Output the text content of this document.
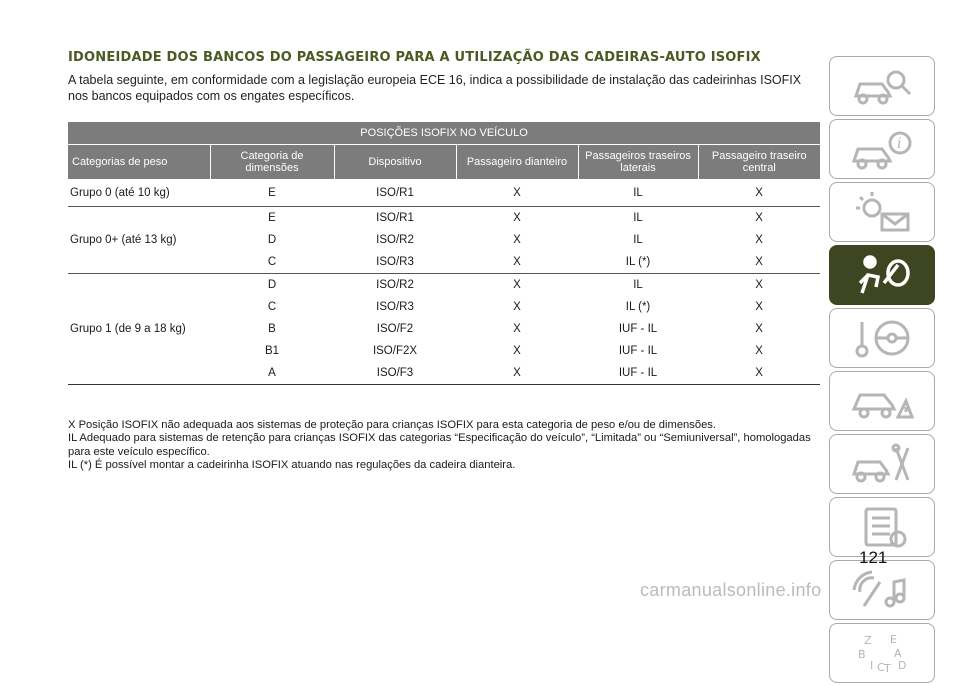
IDONEIDADE DOS BANCOS DO PASSAGEIRO PARA A UTILIZAÇÃO DAS CADEIRAS-AUTO ISOFIX
A tabela seguinte, em conformidade com a legislação europeia ECE 16, indica a possibilidade de instalação das cadeirinhas ISOFIX nos bancos equipados com os engates específicos.
POSIÇÕES ISOFIX NO VEÍCULO					
Categorias de peso	Categoria de dimensões	Dispositivo	Passageiro dianteiro	Passageiros traseiros laterais	Passageiro traseiro central
Grupo 0 (até 10 kg)	E	ISO/R1	X	IL	X
Grupo 0+ (até 13 kg)	E	ISO/R1	X	IL	X
	D	ISO/R2	X	IL	X
	C	ISO/R3	X	IL (*)	X
Grupo 1 (de 9 a 18 kg)	D	ISO/R2	X	IL	X
	C	ISO/R3	X	IL (*)	X
	B	ISO/F2	X	IUF - IL	X
	B1	ISO/F2X	X	IUF - IL	X
	A	ISO/F3	X	IUF - IL	X

X Posição ISOFIX não adequada aos sistemas de proteção para crianças ISOFIX para esta categoria de peso e/ou de dimensões.

IL Adequado para sistemas de retenção para crianças ISOFIX das categorias “Especificação do veículo”, “Limitada” ou “Semiuniversal”, homologadas para este veículo específico.

IL (*) É possível montar a cadeirinha ISOFIX atuando nas regulações da cadeira dianteira.

i
Z E
B	A
I C T D
121
carmanualsonline.info
